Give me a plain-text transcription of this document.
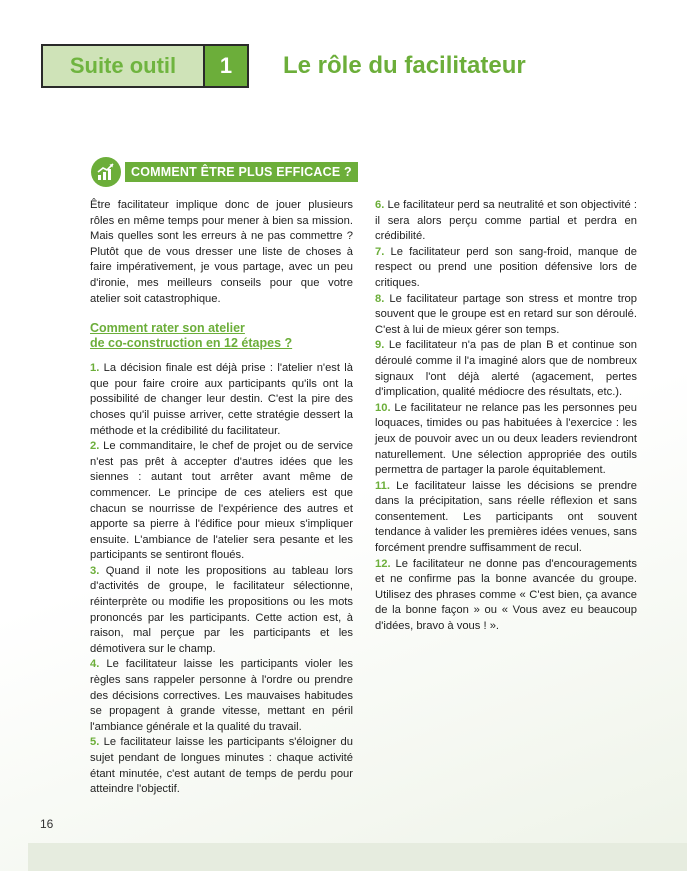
Suite outil	1	Le rôle du facilitateur
COMMENT ÊTRE PLUS EFFICACE ?

Être facilitateur implique donc de jouer plusieurs rôles en même temps pour mener à bien sa mission. Mais quelles sont les erreurs à ne pas commettre ? Plutôt que de vous dresser une liste de choses à faire impérativement, je vous partage, avec un peu d'ironie, mes meilleurs conseils pour que votre atelier soit catastrophique.

Comment rater son atelier
de co-construction en 12 étapes ?

1. La décision finale est déjà prise : l'atelier n'est là que pour faire croire aux participants qu'ils ont la possibilité de changer leur destin. C'est la pire des choses qu'il puisse arriver, cette stratégie dessert la méthode et la crédibilité du facilitateur.

2. Le commanditaire, le chef de projet ou de service n'est pas prêt à accepter d'autres idées que les siennes : autant tout arrêter avant même de commencer. Le principe de ces ateliers est que chacun se nourrisse de l'expérience des autres et apporte sa pierre à l'édifice pour mieux s'impliquer ensuite. L'ambiance de l'atelier sera pesante et les participants se sentiront floués.

3. Quand il note les propositions au tableau lors d'activités de groupe, le facilitateur sélectionne, réinterprète ou modifie les propositions ou les mots prononcés par les participants. Cette action est, à raison, mal perçue par les participants et les démotivera sur le champ.

4. Le facilitateur laisse les participants violer les règles sans rappeler personne à l'ordre ou prendre des décisions correctives. Les mauvaises habitudes se propagent à grande vitesse, mettant en péril l'ambiance générale et la qualité du travail.

5. Le facilitateur laisse les participants s'éloigner du sujet pendant de longues minutes : chaque activité étant minutée, c'est autant de temps de perdu pour atteindre l'objectif.

6. Le facilitateur perd sa neutralité et son objectivité : il sera alors perçu comme partial et perdra en crédibilité.

7. Le facilitateur perd son sang-froid, manque de respect ou prend une position défensive lors de critiques.

8. Le facilitateur partage son stress et montre trop souvent que le groupe est en retard sur son déroulé. C'est à lui de mieux gérer son temps.

9. Le facilitateur n'a pas de plan B et continue son déroulé comme il l'a imaginé alors que de nombreux signaux l'ont déjà alerté (agacement, pertes d'implication, qualité médiocre des résultats, etc.).

10. Le facilitateur ne relance pas les personnes peu loquaces, timides ou pas habituées à l'exercice : les jeux de pouvoir avec un ou deux leaders reviendront naturellement. Une sélection appropriée des outils permettra de partager la parole équitablement.

11. Le facilitateur laisse les décisions se prendre dans la précipitation, sans réelle réflexion et sans consentement. Les participants ont souvent tendance à valider les premières idées venues, sans forcément prendre suffisamment de recul.

12. Le facilitateur ne donne pas d'encouragements et ne confirme pas la bonne avancée du groupe. Utilisez des phrases comme « C'est bien, ça avance de la bonne façon » ou « Vous avez eu beaucoup d'idées, bravo à vous ! ».

16
